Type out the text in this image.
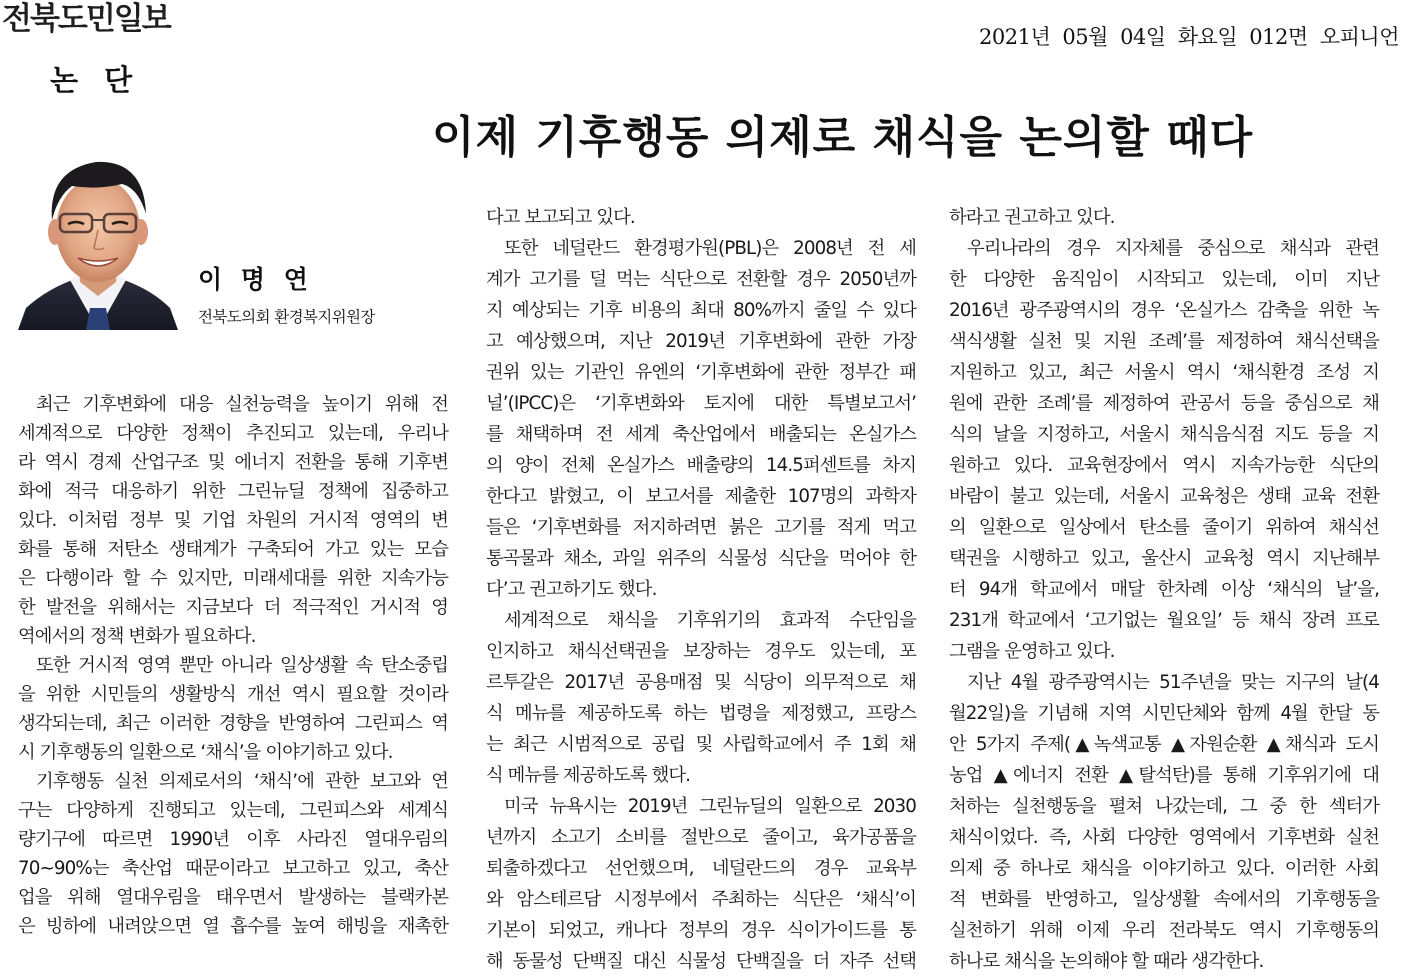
전북도민일보	2021년 05월 04일 화요일 012면 오피니언
논 단
이제 기후행동 의제로 채식을 논의할 때다
이 명 연
전북도의회 환경복지위원장
최근 기후변화에 대응 실천능력을 높이기 위해 전
세계적으로 다양한 정책이 추진되고 있는데, 우리나
라 역시 경제 산업구조 및 에너지 전환을 통해 기후변
화에 적극 대응하기 위한 그린뉴딜 정책에 집중하고
있다. 이처럼 정부 및 기업 차원의 거시적 영역의 변
화를 통해 저탄소 생태계가 구축되어 가고 있는 모습
은 다행이라 할 수 있지만, 미래세대를 위한 지속가능
한 발전을 위해서는 지금보다 더 적극적인 거시적 영
역에서의 정책 변화가 필요하다.
또한 거시적 영역 뿐만 아니라 일상생활 속 탄소중립
을 위한 시민들의 생활방식 개선 역시 필요할 것이라
생각되는데, 최근 이러한 경향을 반영하여 그린피스 역
시 기후행동의 일환으로 ‘채식’을 이야기하고 있다.
기후행동 실천 의제로서의 ‘채식’에 관한 보고와 연
구는 다양하게 진행되고 있는데, 그린피스와 세계식
량기구에 따르면 1990년 이후 사라진 열대우림의
70~90%는 축산업 때문이라고 보고하고 있고, 축산
업을 위해 열대우림을 태우면서 발생하는 블랙카본
은 빙하에 내려앉으면 열 흡수를 높여 해빙을 재촉한
다고 보고되고 있다.
또한 네덜란드 환경평가원(PBL)은 2008년 전 세
계가 고기를 덜 먹는 식단으로 전환할 경우 2050년까
지 예상되는 기후 비용의 최대 80%까지 줄일 수 있다
고 예상했으며, 지난 2019년 기후변화에 관한 가장
권위 있는 기관인 유엔의 ‘기후변화에 관한 정부간 패
널’(IPCC)은 ‘기후변화와 토지에 대한 특별보고서’
를 채택하며 전 세계 축산업에서 배출되는 온실가스
의 양이 전체 온실가스 배출량의 14.5퍼센트를 차지
한다고 밝혔고, 이 보고서를 제출한 107명의 과학자
들은 ‘기후변화를 저지하려면 붉은 고기를 적게 먹고
통곡물과 채소, 과일 위주의 식물성 식단을 먹어야 한
다’고 권고하기도 했다.
세계적으로 채식을 기후위기의 효과적 수단임을
인지하고 채식선택권을 보장하는 경우도 있는데, 포
르투갈은 2017년 공용매점 및 식당이 의무적으로 채
식 메뉴를 제공하도록 하는 법령을 제정했고, 프랑스
는 최근 시범적으로 공립 및 사립학교에서 주 1회 채
식 메뉴를 제공하도록 했다.
미국 뉴욕시는 2019년 그린뉴딜의 일환으로 2030
년까지 소고기 소비를 절반으로 줄이고, 육가공품을
퇴출하겠다고 선언했으며, 네덜란드의 경우 교육부
와 암스테르담 시정부에서 주최하는 식단은 ‘채식’이
기본이 되었고, 캐나다 정부의 경우 식이가이드를 통
해 동물성 단백질 대신 식물성 단백질을 더 자주 선택
하라고 권고하고 있다.
우리나라의 경우 지자체를 중심으로 채식과 관련
한 다양한 움직임이 시작되고 있는데, 이미 지난
2016년 광주광역시의 경우 ‘온실가스 감축을 위한 녹
색식생활 실천 및 지원 조례’를 제정하여 채식선택을
지원하고 있고, 최근 서울시 역시 ‘채식환경 조성 지
원에 관한 조례’를 제정하여 관공서 등을 중심으로 채
식의 날을 지정하고, 서울시 채식음식점 지도 등을 지
원하고 있다. 교육현장에서 역시 지속가능한 식단의
바람이 불고 있는데, 서울시 교육청은 생태 교육 전환
의 일환으로 일상에서 탄소를 줄이기 위하여 채식선
택권을 시행하고 있고, 울산시 교육청 역시 지난해부
터 94개 학교에서 매달 한차례 이상 ‘채식의 날’을,
231개 학교에서 ‘고기없는 월요일’ 등 채식 장려 프로
그램을 운영하고 있다.
지난 4월 광주광역시는 51주년을 맞는 지구의 날(4
월22일)을 기념해 지역 시민단체와 함께 4월 한달 동
안 5가지 주제(▲녹색교통 ▲자원순환 ▲채식과 도시
농업 ▲에너지 전환 ▲탈석탄)를 통해 기후위기에 대
처하는 실천행동을 펼쳐 나갔는데, 그 중 한 섹터가
채식이었다. 즉, 사회 다양한 영역에서 기후변화 실천
의제 중 하나로 채식을 이야기하고 있다. 이러한 사회
적 변화를 반영하고, 일상생활 속에서의 기후행동을
실천하기 위해 이제 우리 전라북도 역시 기후행동의
하나로 채식을 논의해야 할 때라 생각한다.
